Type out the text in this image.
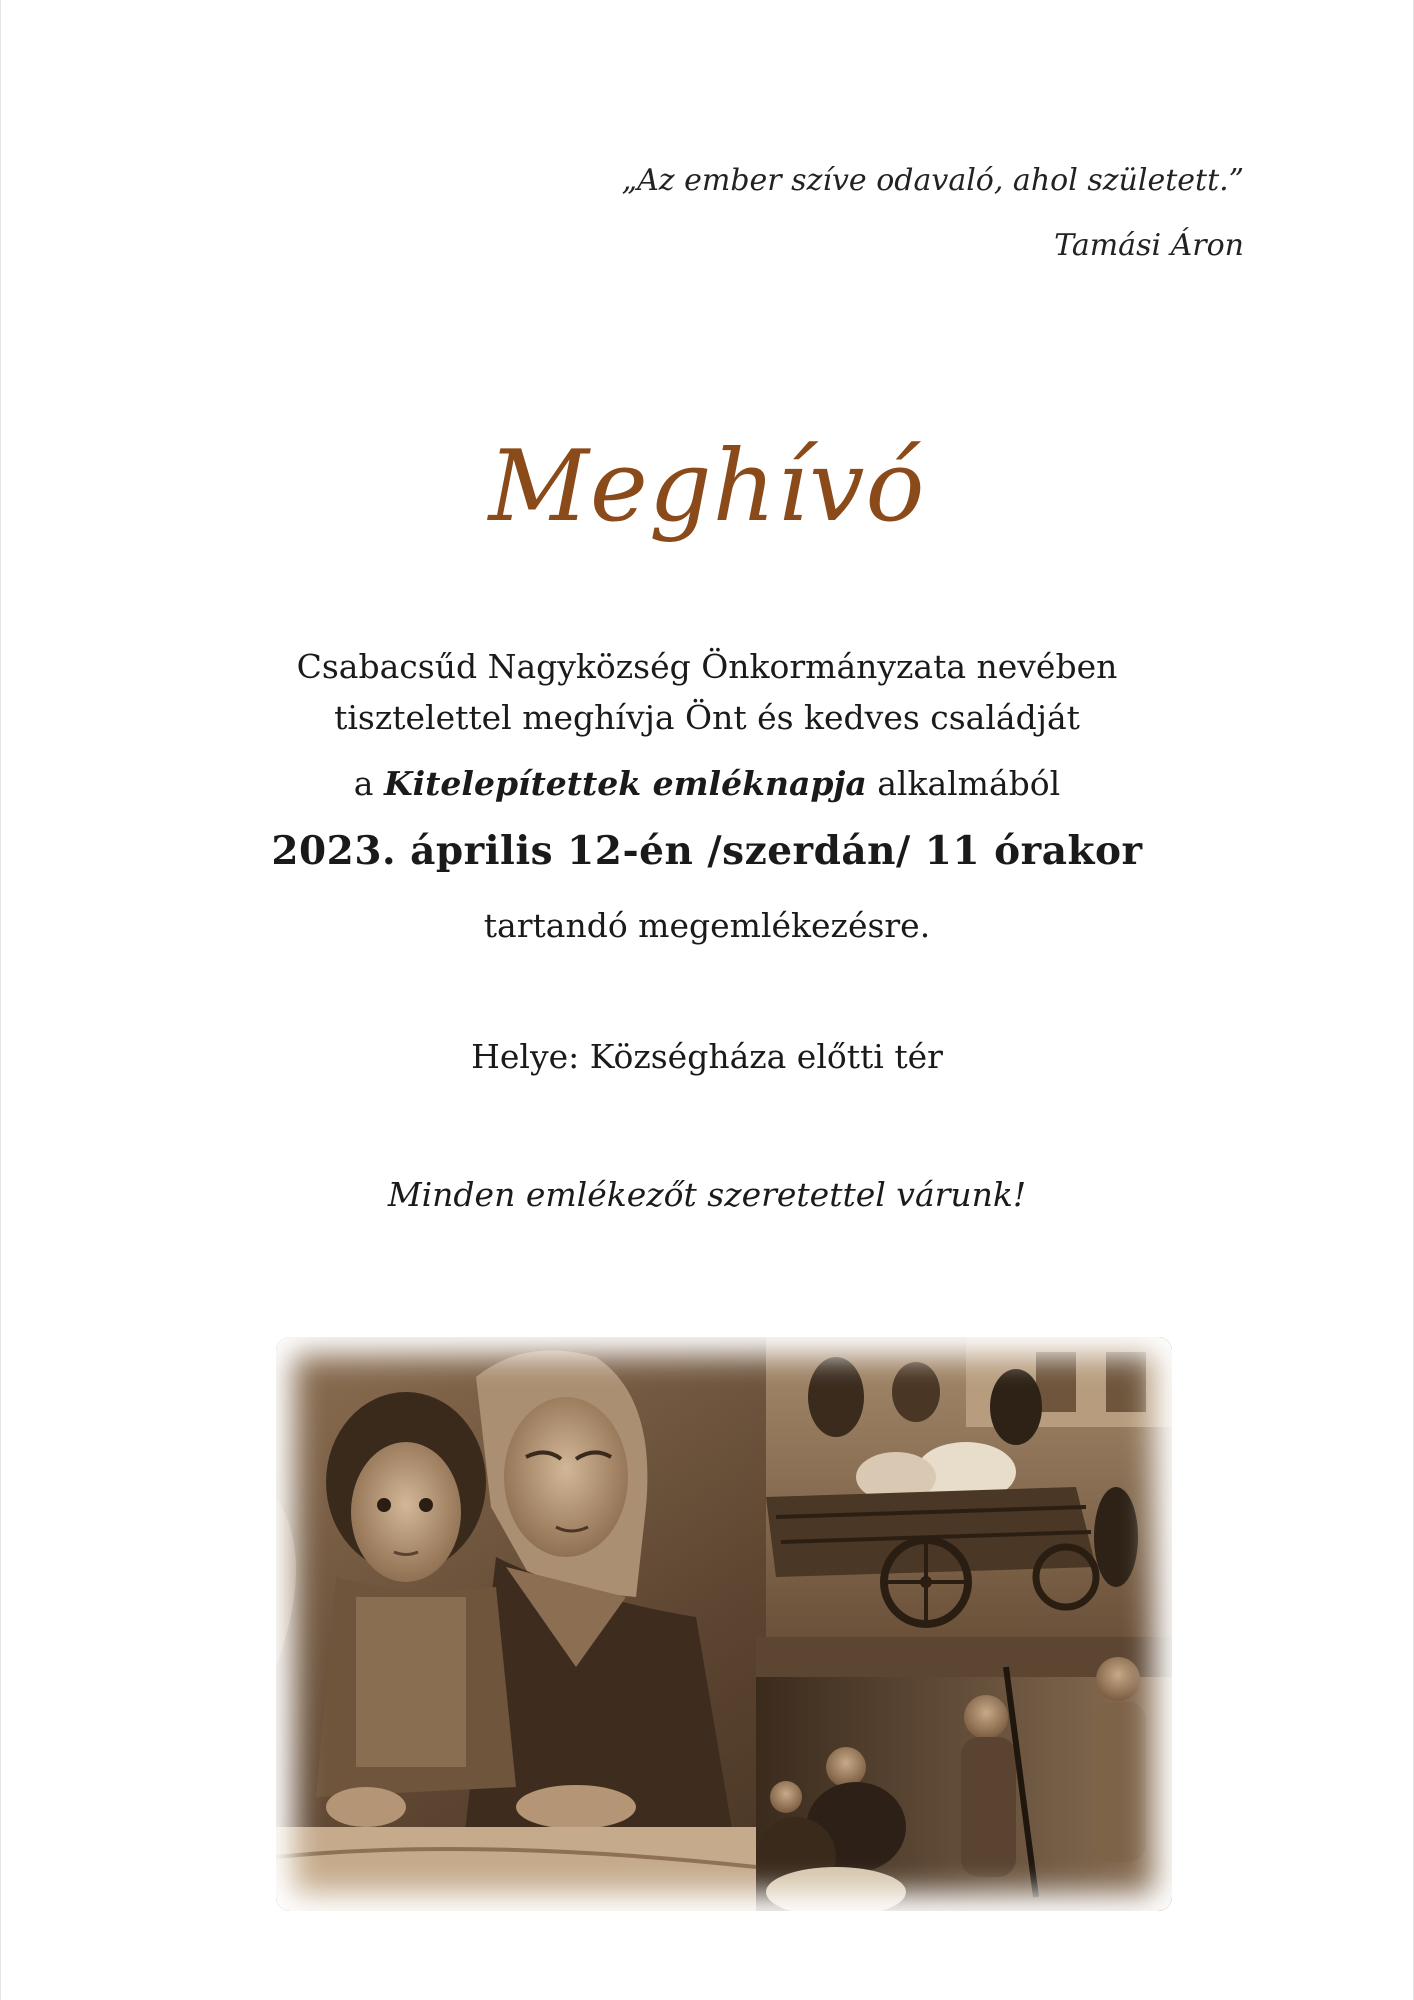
„Az ember szíve odavaló, ahol született.”
Tamási Áron
Meghívó
Csabacsűd Nagyközség Önkormányzata nevében
tisztelettel meghívja Önt és kedves családját
a Kitelepítettek emléknapja alkalmából
2023. április 12-én /szerdán/ 11 órakor
tartandó megemlékezésre.
Helye: Községháza előtti tér
Minden emlékezőt szeretettel várunk!
